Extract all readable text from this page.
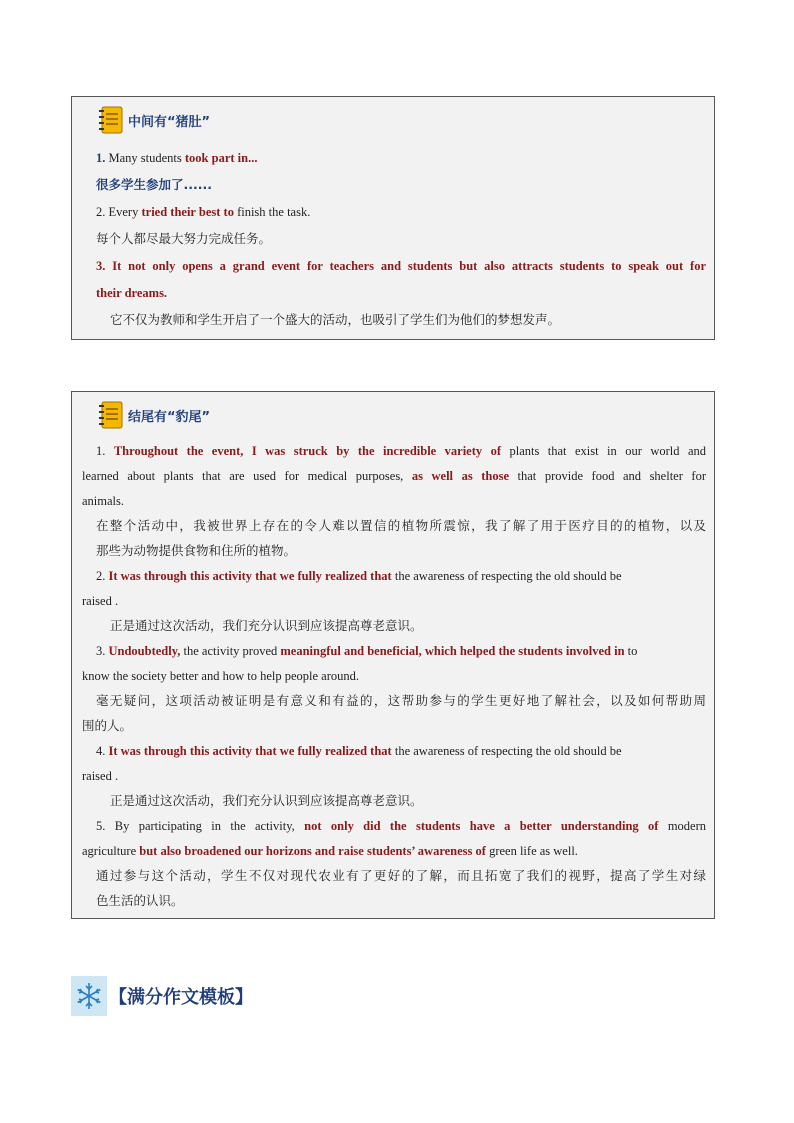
中间有“猪肚”
1. Many students took part in...
很多学生参加了......
2. Every tried their best to finish the task.
每个人都尽最大努力完成任务。
3. It not only opens a grand event for teachers and students but also attracts students to speak out for
their dreams.
它不仅为教师和学生开启了一个盛大的活动，也吸引了学生们为他们的梦想发声。
结尾有“豹尾”
1. Throughout the event, I was struck by the incredible variety of plants that exist in our world and
learned about plants that are used for medical purposes, as well as those that provide food and shelter for
animals.
在整个活动中，我被世界上存在的令人难以置信的植物所震惊，我了解了用于医疗目的的植物，以及
那些为动物提供食物和住所的植物。
2. It was through this activity that we fully realized that the awareness of respecting the old should be
raised .
正是通过这次活动，我们充分认识到应该提高尊老意识。
3. Undoubtedly, the activity proved meaningful and beneficial, which helped the students involved in to
know the society better and how to help people around.
毫无疑问，这项活动被证明是有意义和有益的，这帮助参与的学生更好地了解社会，以及如何帮助周
围的人。
4. It was through this activity that we fully realized that the awareness of respecting the old should be
raised .
正是通过这次活动，我们充分认识到应该提高尊老意识。
5. By participating in the activity, not only did the students have a better understanding of modern
agriculture but also broadened our horizons and raise students’ awareness of green life as well.
通过参与这个活动，学生不仅对现代农业有了更好的了解，而且拓宽了我们的视野，提高了学生对绿
色生活的认识。
【满分作文模板】
